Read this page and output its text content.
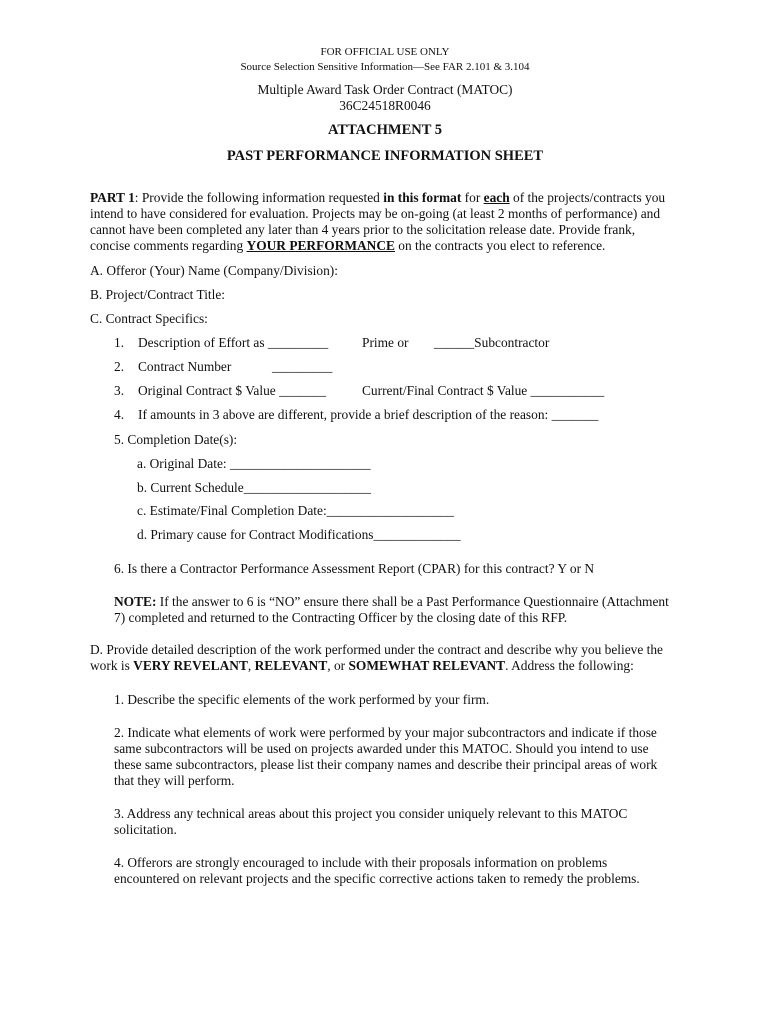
FOR OFFICIAL USE ONLY
Source Selection Sensitive Information—See FAR 2.101 & 3.104
Multiple Award Task Order Contract (MATOC)
36C24518R0046
ATTACHMENT 5
PAST PERFORMANCE INFORMATION SHEET
PART 1: Provide the following information requested in this format for each of the projects/contracts you
intend to have considered for evaluation. Projects may be on-going (at least 2 months of performance) and
cannot have been completed any later than 4 years prior to the solicitation release date. Provide frank,
concise comments regarding YOUR PERFORMANCE on the contracts you elect to reference.
A. Offeror (Your) Name (Company/Division):
B. Project/Contract Title:
C. Contract Specifics:
1. Description of Effort as _________	Prime or ______Subcontractor
2. Contract Number	_________
3. Original Contract $ Value _______	Current/Final Contract $ Value ___________
4. If amounts in 3 above are different, provide a brief description of the reason: _______
5. Completion Date(s):
a. Original Date: _____________________
b. Current Schedule___________________
c. Estimate/Final Completion Date:___________________
d. Primary cause for Contract Modifications_____________
6. Is there a Contractor Performance Assessment Report (CPAR) for this contract? Y or N
NOTE: If the answer to 6 is “NO” ensure there shall be a Past Performance Questionnaire (Attachment
7) completed and returned to the Contracting Officer by the closing date of this RFP.
D. Provide detailed description of the work performed under the contract and describe why you believe the
work is VERY REVELANT, RELEVANT, or SOMEWHAT RELEVANT. Address the following:
1. Describe the specific elements of the work performed by your firm.
2. Indicate what elements of work were performed by your major subcontractors and indicate if those
same subcontractors will be used on projects awarded under this MATOC. Should you intend to use
these same subcontractors, please list their company names and describe their principal areas of work
that they will perform.
3. Address any technical areas about this project you consider uniquely relevant to this MATOC
solicitation.
4. Offerors are strongly encouraged to include with their proposals information on problems
encountered on relevant projects and the specific corrective actions taken to remedy the problems.
